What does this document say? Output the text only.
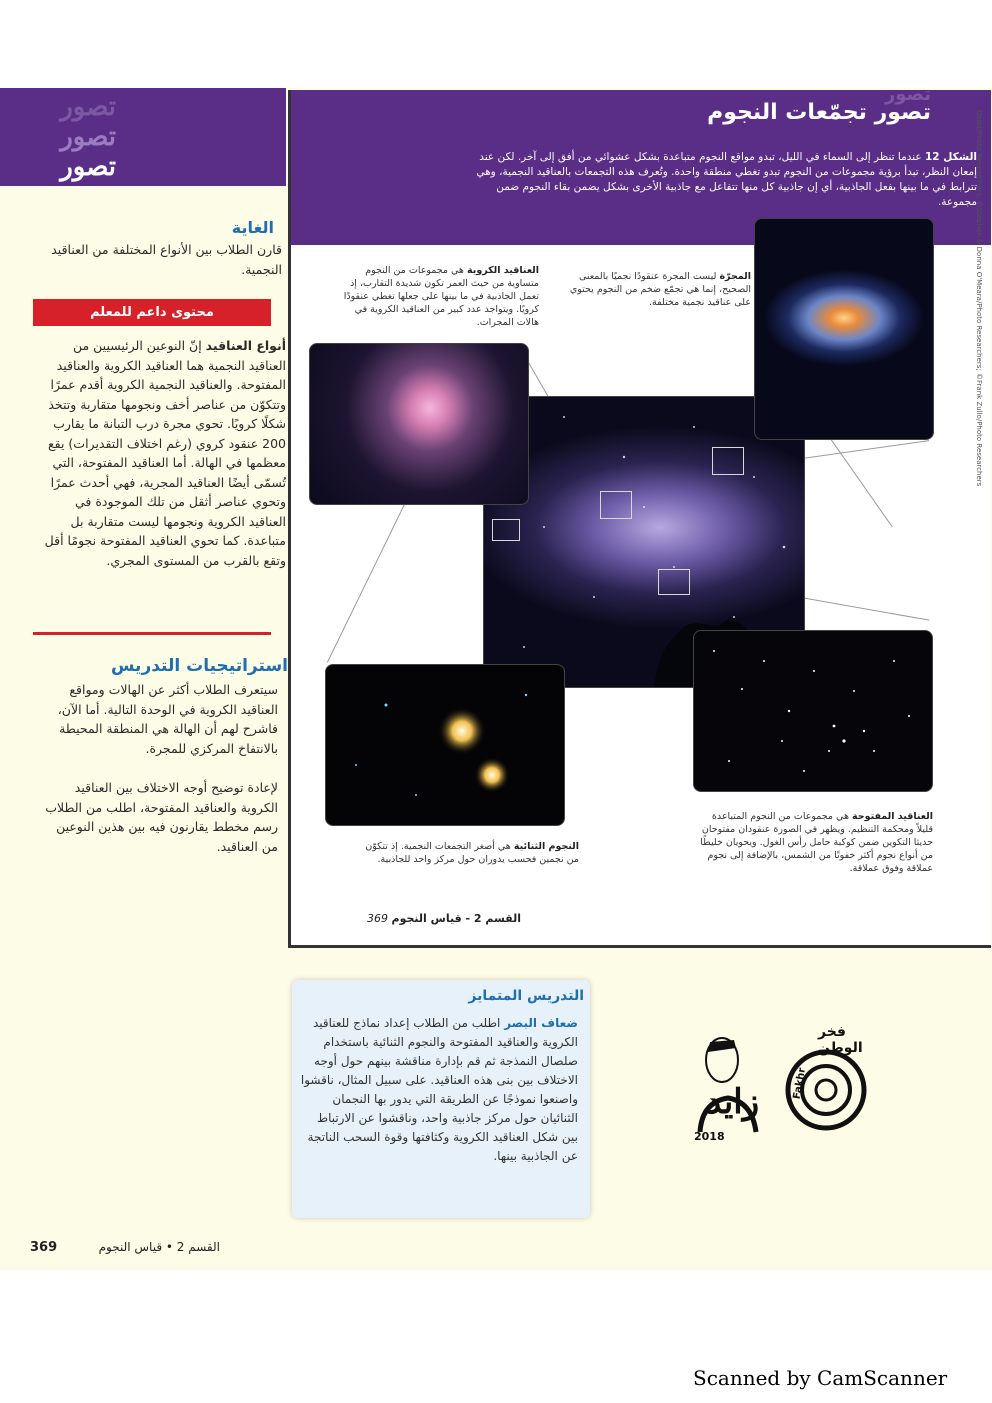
تصور
تصور
تصور
الغاية
قارن الطلاب بين الأنواع المختلفة من العناقيد النجمية.
محتوى داعم للمعلم
أنواع العناقيد إنّ النوعين الرئيسيين من العناقيد النجمية هما العناقيد الكروية والعناقيد المفتوحة. والعناقيد النجمية الكروية أقدم عمرًا وتتكوّن من عناصر أخف ونجومها متقاربة وتتخذ شكلًا كرويًا. تحوي مجرة درب التبانة ما يقارب 200 عنقود كروي (رغم اختلاف التقديرات) يقع معظمها في الهالة. أما العناقيد المفتوحة، التي تُسمّى أيضًا العناقيد المجرية، فهي أحدث عمرًا وتحوي عناصر أثقل من تلك الموجودة في العناقيد الكروية ونجومها ليست متقاربة بل متباعدة. كما تحوي العناقيد المفتوحة نجومًا أقل وتقع بالقرب من المستوى المجري.
استراتيجيات التدريس
سيتعرف الطلاب أكثر عن الهالات ومواقع العناقيد الكروية في الوحدة التالية. أما الآن، فاشرح لهم أن الهالة هي المنطقة المحيطة بالانتفاخ المركزي للمجرة.
لإعادة توضيح أوجه الاختلاف بين العناقيد الكروية والعناقيد المفتوحة، اطلب من الطلاب رسم مخطط يقارنون فيه بين هذين النوعين من العناقيد.
تصور
تصور تجمّعات النجوم
الشكل 12 عندما تنظر إلى السماء في الليل، تبدو مواقع النجوم متباعدة بشكل عشوائي من أفق إلى آخر. لكن عند إمعان النظر، تبدأ برؤية مجموعات من النجوم تبدو تغطي منطقة واحدة. وتُعرف هذه التجمعات بالعناقيد النجمية، وهي تترابط في ما بينها بفعل الجاذبية، أي إن جاذبية كل منها تتفاعل مع جاذبية الأخرى بشكل يضمن بقاء النجوم ضمن مجموعة.
المجرّة ليست المجرة عنقودًا نجميًا بالمعنى الصحيح، إنما هي تجمّع ضخم من النجوم يحتوي على عناقيد نجمية مختلفة.
العناقيد الكروية هي مجموعات من النجوم متساوية من حيث العمر تكون شديدة التقارب، إذ تعمل الجاذبية في ما بينها على جعلها تغطي عنقودًا كرويًا. ويتواجد عدد كبير من العناقيد الكروية في هالات المجرات.
العناقيد المفتوحة هي مجموعات من النجوم المتباعدة قليلاً ومحكمة التنظيم. ويظهر في الصورة عنقودان مفتوحان حديثا التكوين ضمن كوكبة حامل رأس الغول. ويحويان خليطًا من أنواع نجوم أكثر خفوتًا من الشمس، بالإضافة إلى نجوم عملاقة وفوق عملاقة.
النجوم الثنائية هي أصغر التجمعات النجمية. إذ تتكوّن من نجمين فحسب يدوران حول مركز واحد للجاذبية.
القسم 2 - قياس النجوم 369
Dodd/Photo Researchers; ©Stephen & Donna O'Meara/Photo Researchers; ©Frank Zullo/Photo Researchers
التدريس المتمايز
ضعاف البصر اطلب من الطلاب إعداد نماذج للعناقيد الكروية والعناقيد المفتوحة والنجوم الثنائية باستخدام صلصال النمذجة ثم قم بإدارة مناقشة بينهم حول أوجه الاختلاف بين بنى هذه العناقيد. على سبيل المثال، ناقشوا واصنعوا نموذجًا عن الطريقة التي يدور بها النجمان الثنائيان حول مركز جاذبية واحد، وناقشوا عن الارتباط بين شكل العناقيد الكروية وكثافتها وقوة السحب الناتجة عن الجاذبية بينها.
زايد
2018
فخر الوطن
Fakhr
369	القسم 2 • قياس النجوم
Scanned by CamScanner
